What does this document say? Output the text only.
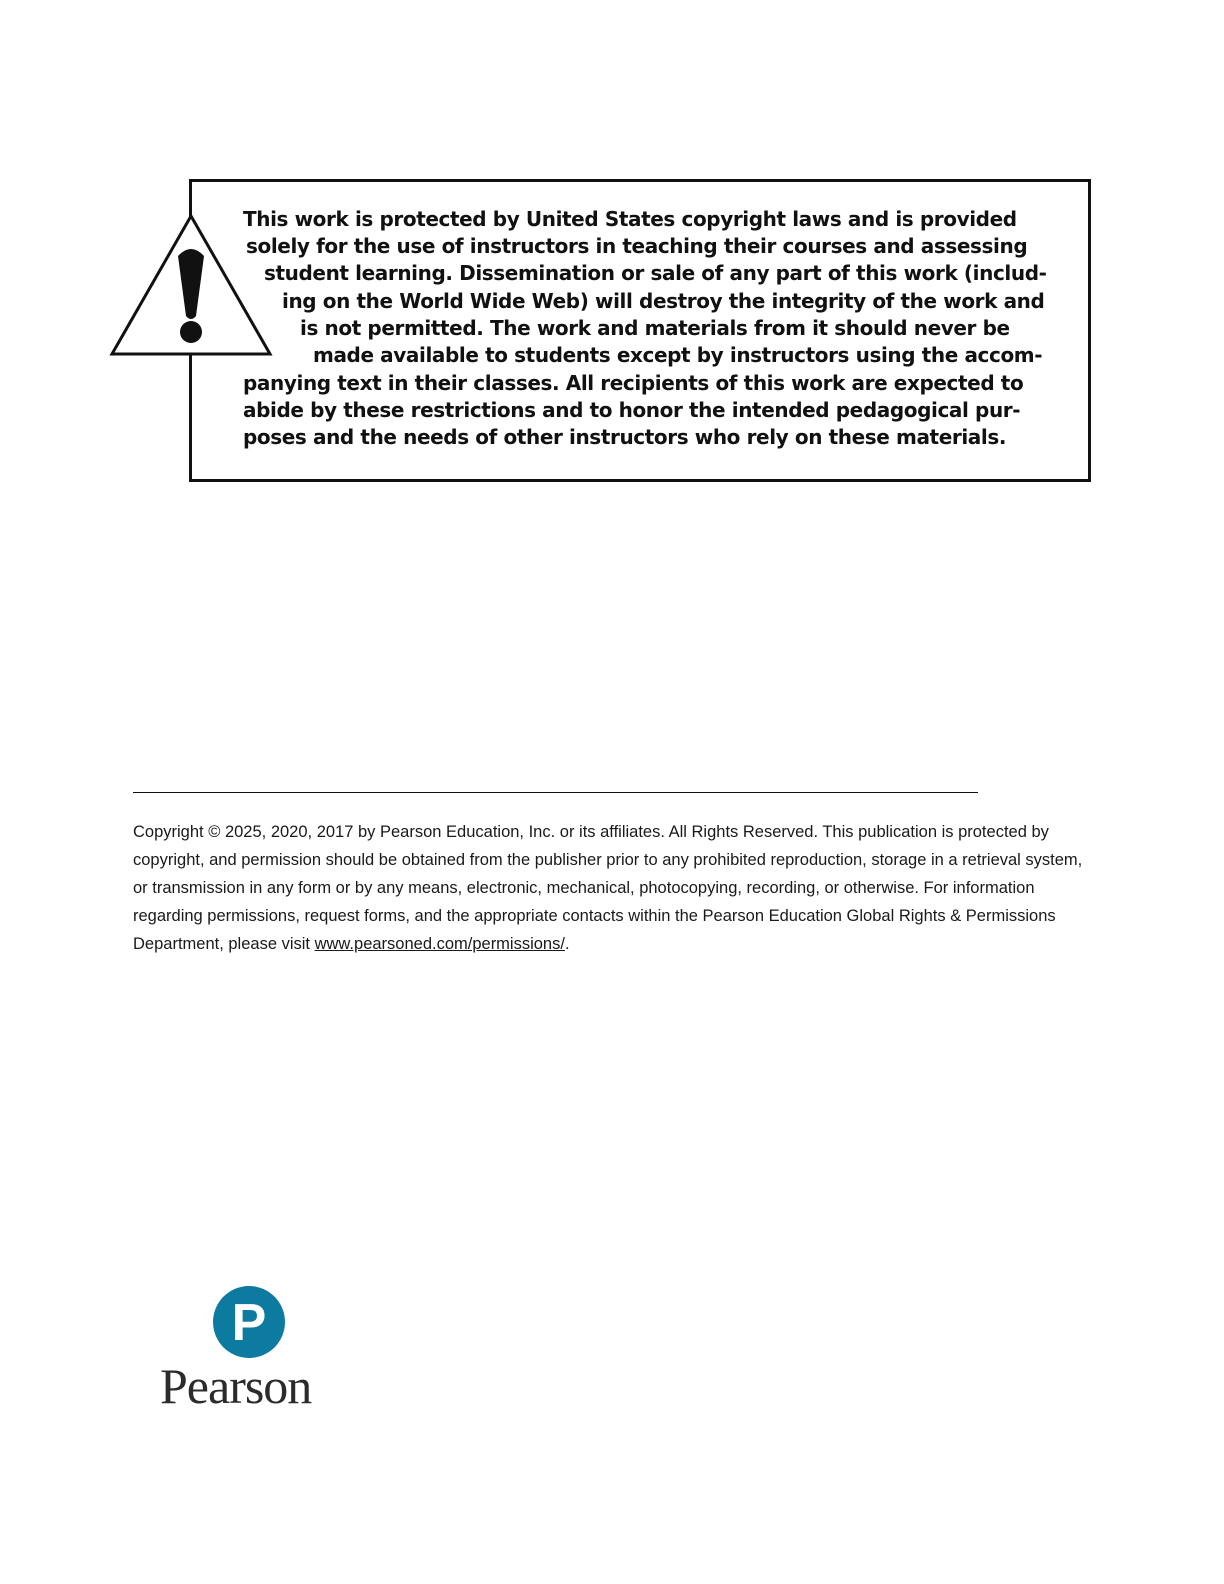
This work is protected by United States copyright laws and is provided

solely for the use of instructors in teaching their courses and assessing

student learning. Dissemination or sale of any part of this work (includ-

ing on the World Wide Web) will destroy the integrity of the work and

is not permitted. The work and materials from it should never be

made available to students except by instructors using the accom-

panying text in their classes. All recipients of this work are expected to

abide by these restrictions and to honor the intended pedagogical pur-

poses and the needs of other instructors who rely on these materials.

Copyright © 2025, 2020, 2017 by Pearson Education, Inc. or its affiliates. All Rights Reserved. This publication is protected by copyright, and permission should be obtained from the publisher prior to any prohibited reproduction, storage in a retrieval system, or transmission in any form or by any means, electronic, mechanical, photocopying, recording, or otherwise. For information regarding permissions, request forms, and the appropriate contacts within the Pearson Education Global Rights & Permissions Department, please visit www.pearsoned.com/permissions/.

P
Pearson
